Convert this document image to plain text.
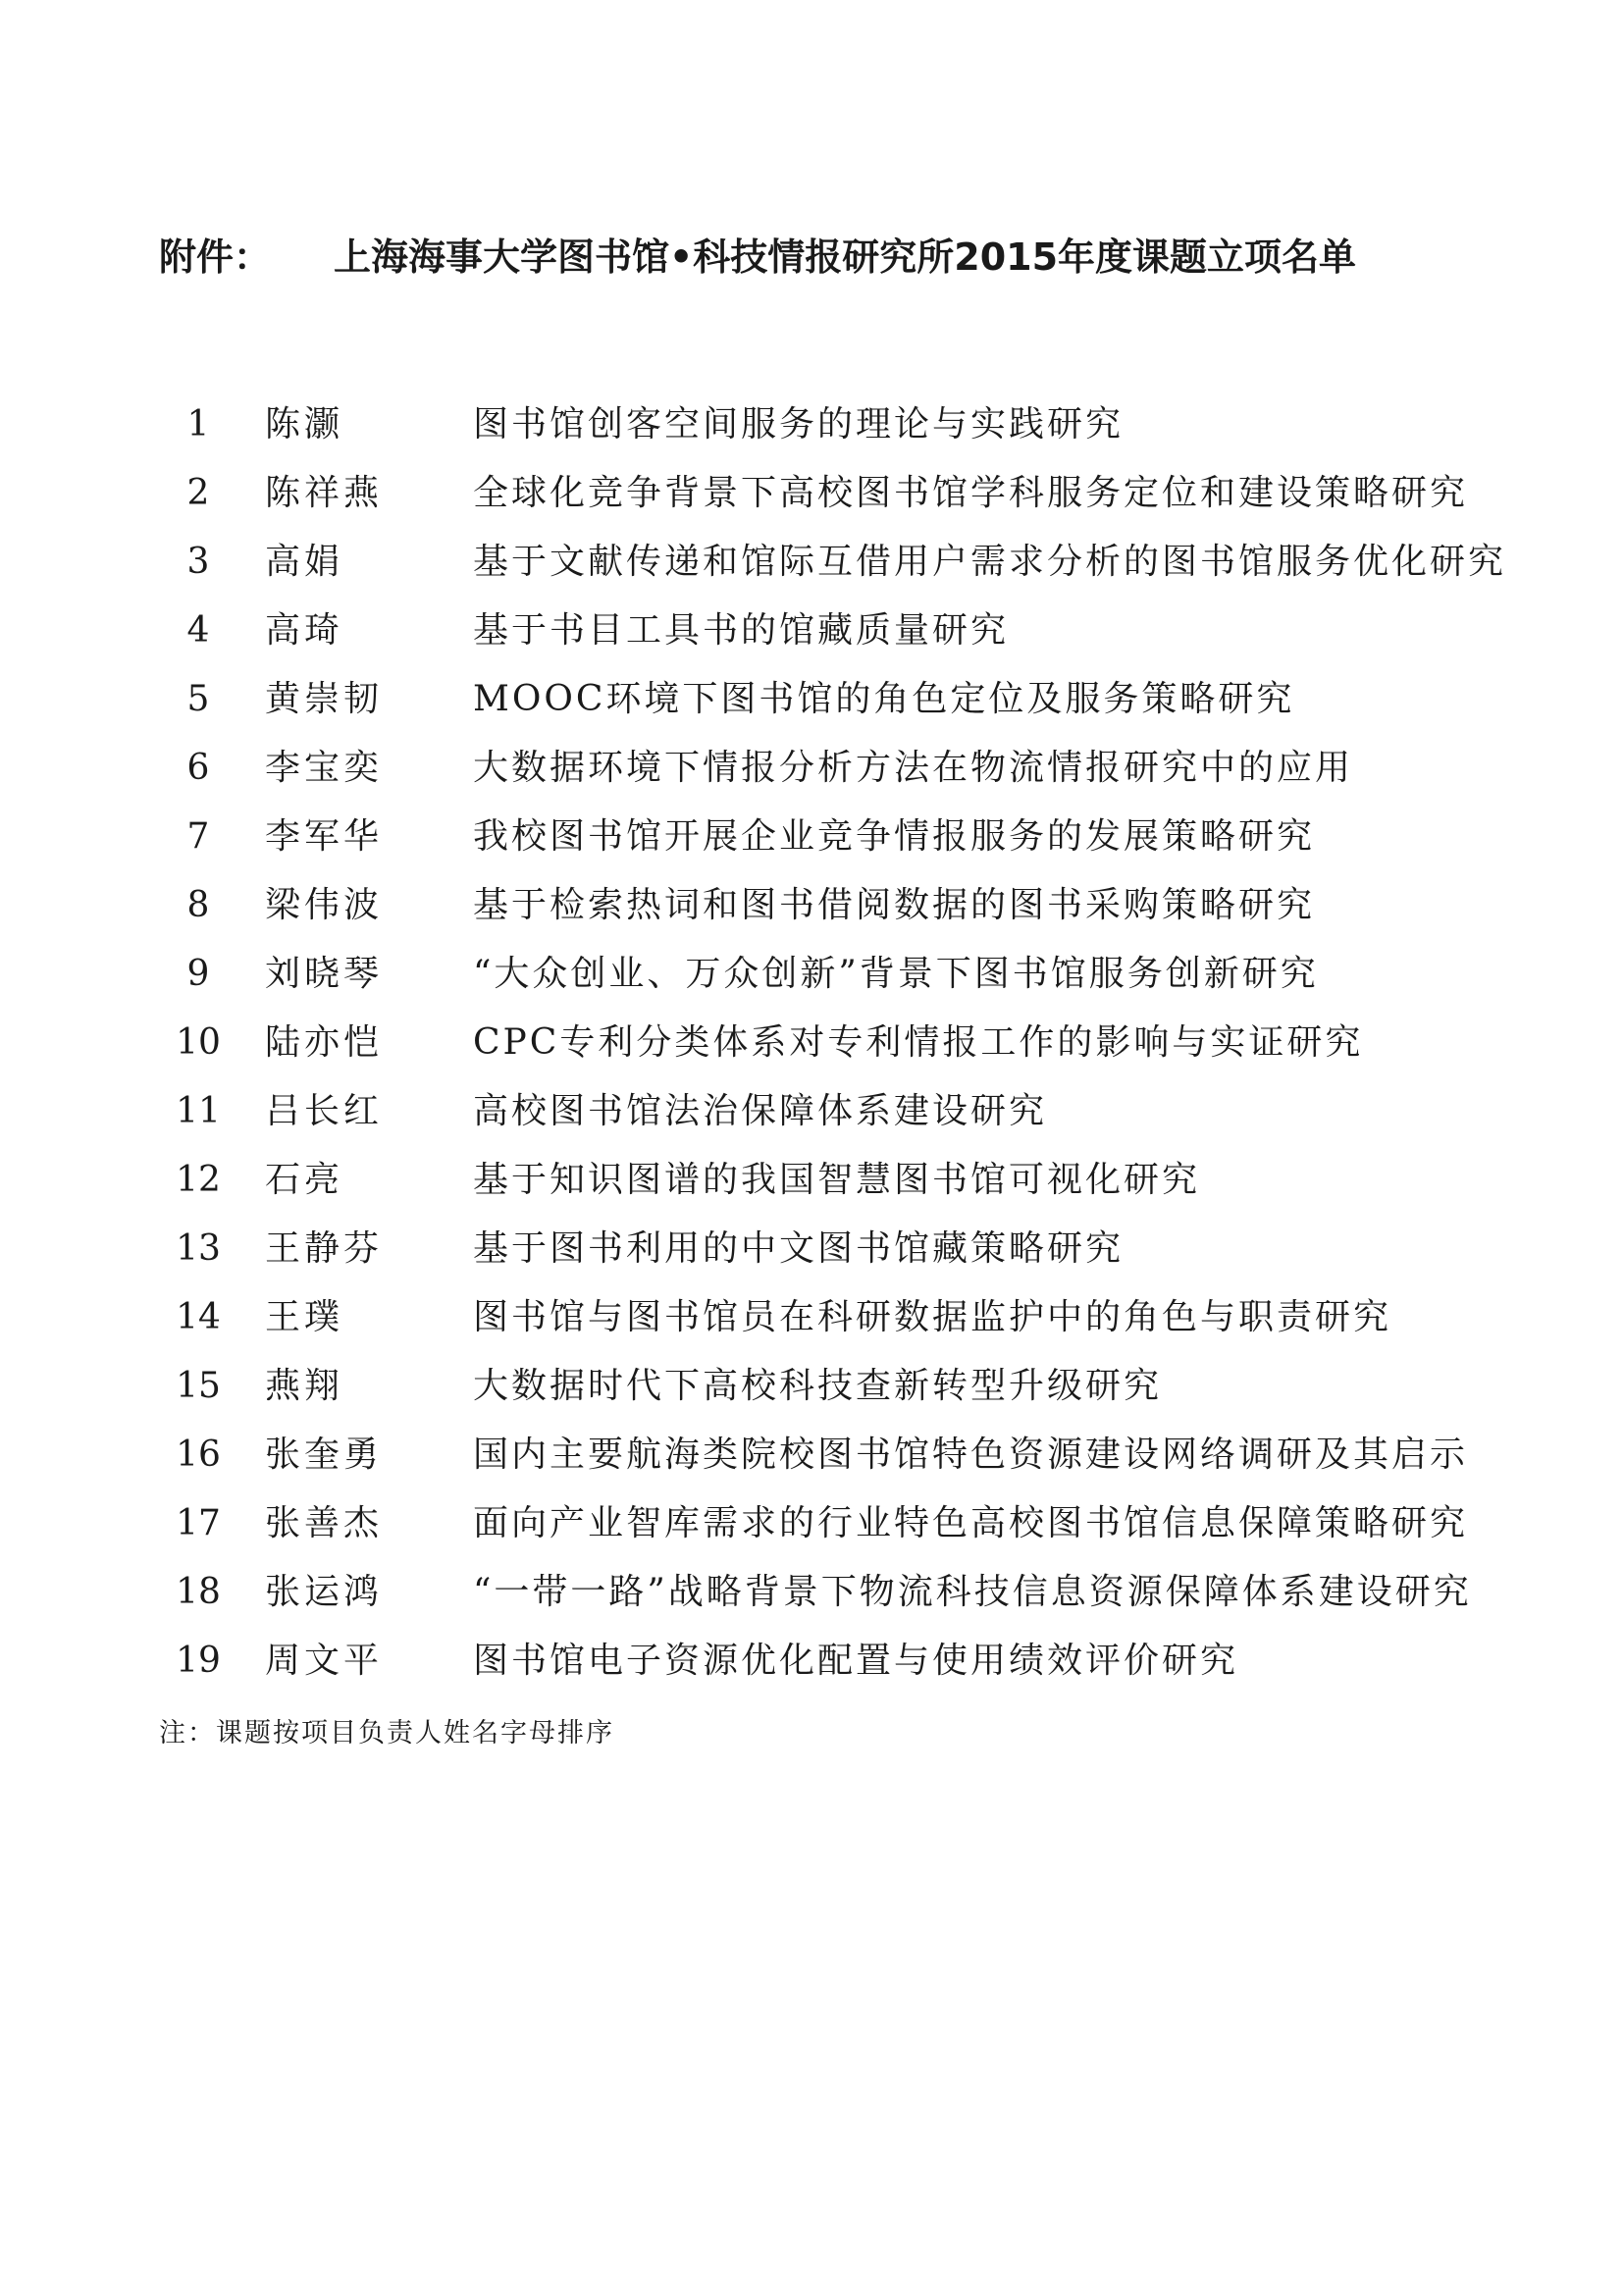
附件： 上海海事大学图书馆•科技情报研究所2015年度课题立项名单
1	陈灏	图书馆创客空间服务的理论与实践研究
2	陈祥燕	全球化竞争背景下高校图书馆学科服务定位和建设策略研究
3	高娟	基于文献传递和馆际互借用户需求分析的图书馆服务优化研究
4	高琦	基于书目工具书的馆藏质量研究
5	黄崇韧	MOOC环境下图书馆的角色定位及服务策略研究
6	李宝奕	大数据环境下情报分析方法在物流情报研究中的应用
7	李军华	我校图书馆开展企业竞争情报服务的发展策略研究
8	梁伟波	基于检索热词和图书借阅数据的图书采购策略研究
9	刘晓琴	“大众创业、万众创新”背景下图书馆服务创新研究
10	陆亦恺	CPC专利分类体系对专利情报工作的影响与实证研究
11	吕长红	高校图书馆法治保障体系建设研究
12	石亮	基于知识图谱的我国智慧图书馆可视化研究
13	王静芬	基于图书利用的中文图书馆藏策略研究
14	王璞	图书馆与图书馆员在科研数据监护中的角色与职责研究
15	燕翔	大数据时代下高校科技查新转型升级研究
16	张奎勇	国内主要航海类院校图书馆特色资源建设网络调研及其启示
17	张善杰	面向产业智库需求的行业特色高校图书馆信息保障策略研究
18	张运鸿	“一带一路”战略背景下物流科技信息资源保障体系建设研究
19	周文平	图书馆电子资源优化配置与使用绩效评价研究
注：课题按项目负责人姓名字母排序
